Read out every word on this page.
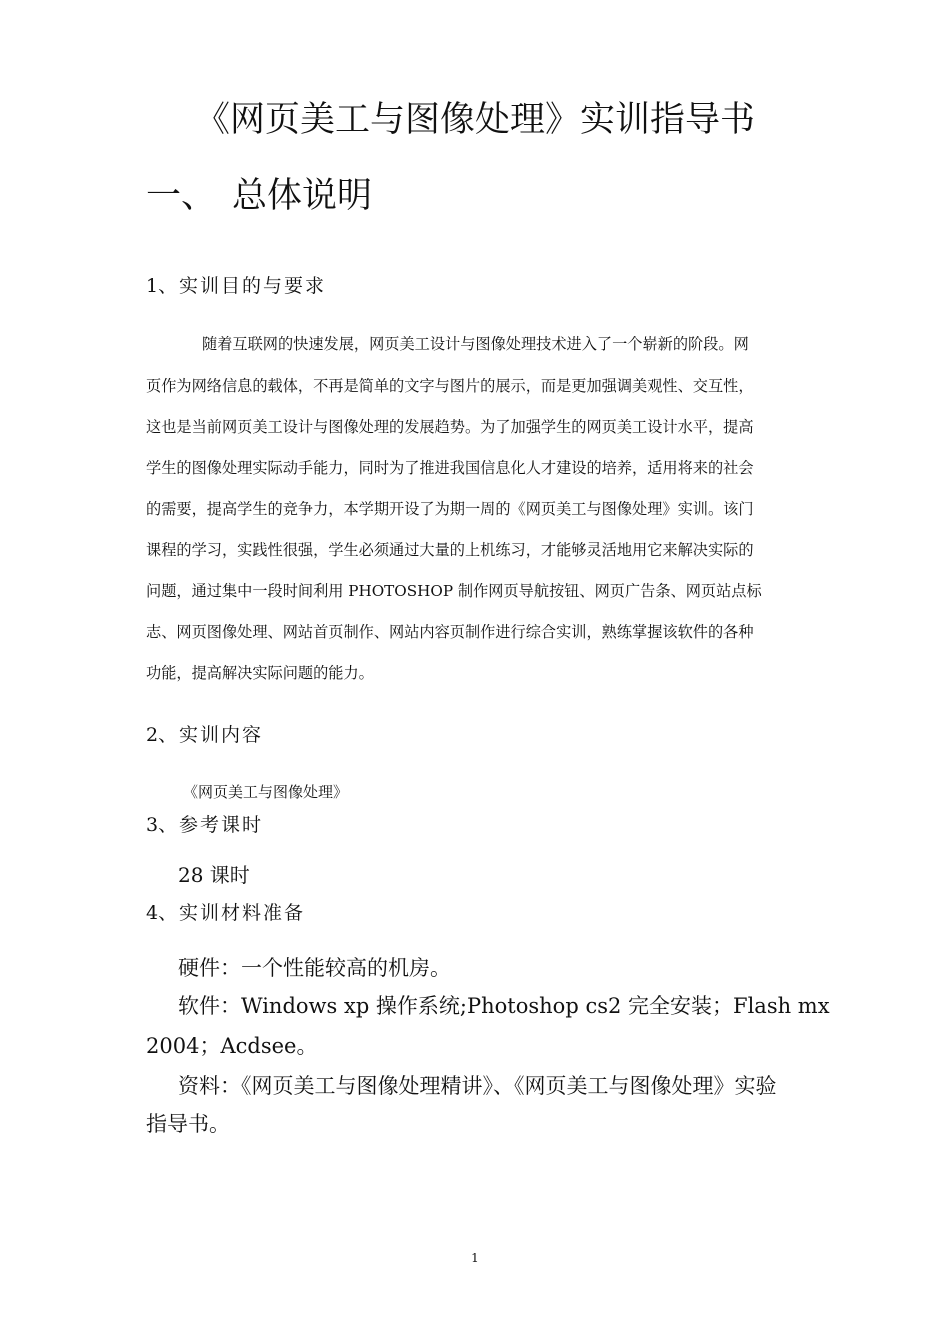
《网页美工与图像处理》实训指导书
一、 总体说明
1、 实训目的与要求
随着互联网的快速发展，网页美工设计与图像处理技术进入了一个崭新的阶段。网
页作为网络信息的载体，不再是简单的文字与图片的展示，而是更加强调美观性、交互性，
这也是当前网页美工设计与图像处理的发展趋势。为了加强学生的网页美工设计水平，提高
学生的图像处理实际动手能力，同时为了推进我国信息化人才建设的培养，适用将来的社会
的需要，提高学生的竞争力，本学期开设了为期一周的《网页美工与图像处理》实训。该门
课程的学习，实践性很强，学生必须通过大量的上机练习，才能够灵活地用它来解决实际的
问题，通过集中一段时间利用 PHOTOSHOP 制作网页导航按钮、网页广告条、网页站点标
志、网页图像处理、网站首页制作、网站内容页制作进行综合实训，熟练掌握该软件的各种
功能，提高解决实际问题的能力。
2、 实训内容
《网页美工与图像处理》
3、 参考课时
28 课时
4、 实训材料准备
硬件：一个性能较高的机房。
软件：Windows xp 操作系统;Photoshop cs2 完全安装；Flash mx
2004；Acdsee。
资料：《网页美工与图像处理精讲》、《网页美工与图像处理》实验
指导书。
1
